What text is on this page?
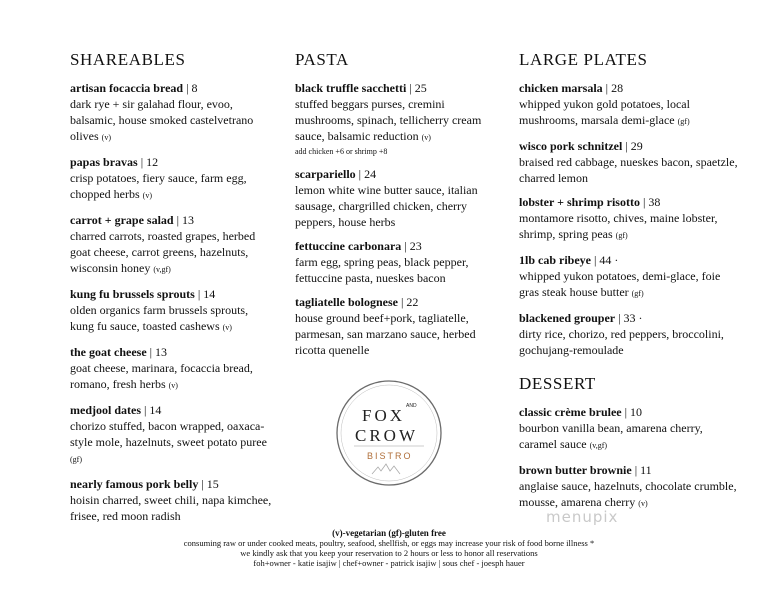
SHAREABLES
artisan focaccia bread | 8
dark rye + sir galahad flour, evoo, balsamic, house smoked castelvetrano olives (v)
papas bravas | 12
crisp potatoes, fiery sauce, farm egg, chopped herbs (v)
carrot + grape salad | 13
charred carrots, roasted grapes, herbed goat cheese, carrot greens, hazelnuts, wisconsin honey (v,gf)
kung fu brussels sprouts | 14
olden organics farm brussels sprouts, kung fu sauce, toasted cashews (v)
the goat cheese | 13
goat cheese, marinara, focaccia bread, romano, fresh herbs (v)
medjool dates | 14
chorizo stuffed, bacon wrapped, oaxaca-style mole, hazelnuts, sweet potato puree (gf)
nearly famous pork belly | 15
hoisin charred, sweet chili, napa kimchee, frisee, red moon radish
PASTA
black truffle sacchetti | 25
stuffed beggars purses, cremini mushrooms, spinach, tellicherry cream sauce, balsamic reduction (v)
add chicken +6 or shrimp +8
scarpariello | 24
lemon white wine butter sauce, italian sausage, chargrilled chicken, cherry peppers, house herbs
fettuccine carbonara | 23
farm egg, spring peas, black pepper, fettuccine pasta, nueskes bacon
tagliatelle bolognese | 22
house ground beef+pork, tagliatelle, parmesan, san marzano sauce, herbed ricotta quenelle
LARGE PLATES
chicken marsala | 28
whipped yukon gold potatoes, local mushrooms, marsala demi-glace (gf)
wisco pork schnitzel | 29
braised red cabbage, nueskes bacon, spaetzle, charred lemon
lobster + shrimp risotto | 38
montamore risotto, chives, maine lobster, shrimp, spring peas (gf)
1lb cab ribeye | 44 ·
whipped yukon potatoes, demi-glace, foie gras steak house butter (gf)
blackened grouper | 33 ·
dirty rice, chorizo, red peppers, broccolini, gochujang-remoulade
DESSERT
classic crème brulee | 10
bourbon vanilla bean, amarena cherry, caramel sauce (v,gf)
brown butter brownie | 11
anglaise sauce, hazelnuts, chocolate crumble, mousse, amarena cherry (v)
FOX AND
CROW
BISTRO
(v)-vegetarian (gf)-gluten free
consuming raw or under cooked meats, poultry, seafood, shellfish, or eggs may increase your risk of food borne illness *
we kindly ask that you keep your reservation to 2 hours or less to honor all reservations
foh+owner - katie isajiw | chef+owner - patrick isajiw | sous chef - joesph hauer
menupix
